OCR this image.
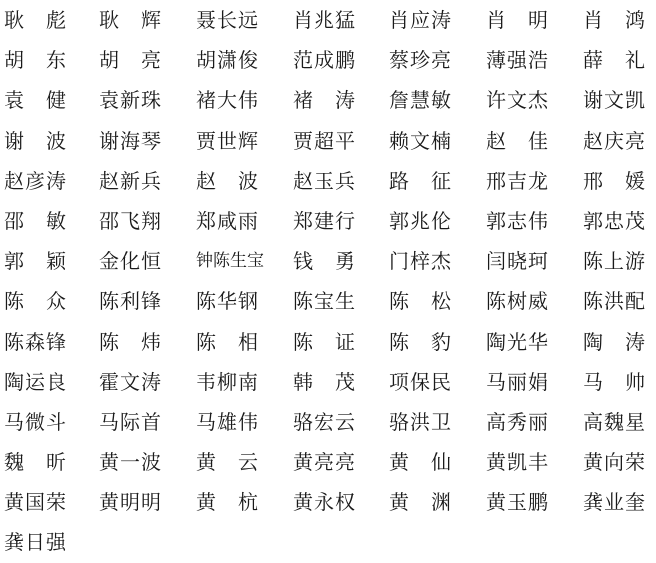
耿 彪	耿 辉	聂长远	肖兆猛	肖应涛	肖 明	肖 鸿
胡 东	胡 亮	胡潇俊	范成鹏	蔡珍亮	薄强浩	薛 礼
袁 健	袁新珠	褚大伟	褚 涛	詹慧敏	许文杰	谢文凯
谢 波	谢海琴	贾世辉	贾超平	赖文楠	赵 佳	赵庆亮
赵彦涛	赵新兵	赵 波	赵玉兵	路 征	邢吉龙	邢 媛
邵 敏	邵飞翔	郑咸雨	郑建行	郭兆伦	郭志伟	郭忠茂
郭 颖	金化恒	钟陈生宝	钱 勇	门梓杰	闫晓珂	陈上游
陈 众	陈利锋	陈华钢	陈宝生	陈 松	陈树威	陈洪配
陈森锋	陈 炜	陈 相	陈 证	陈 豹	陶光华	陶 涛
陶运良	霍文涛	韦柳南	韩 茂	项保民	马丽娟	马 帅
马微斗	马际首	马雄伟	骆宏云	骆洪卫	高秀丽	高魏星
魏 昕	黄一波	黄 云	黄亮亮	黄 仙	黄凯丰	黄向荣
黄国荣	黄明明	黄 杭	黄永权	黄 渊	黄玉鹏	龚业奎
龚日强
